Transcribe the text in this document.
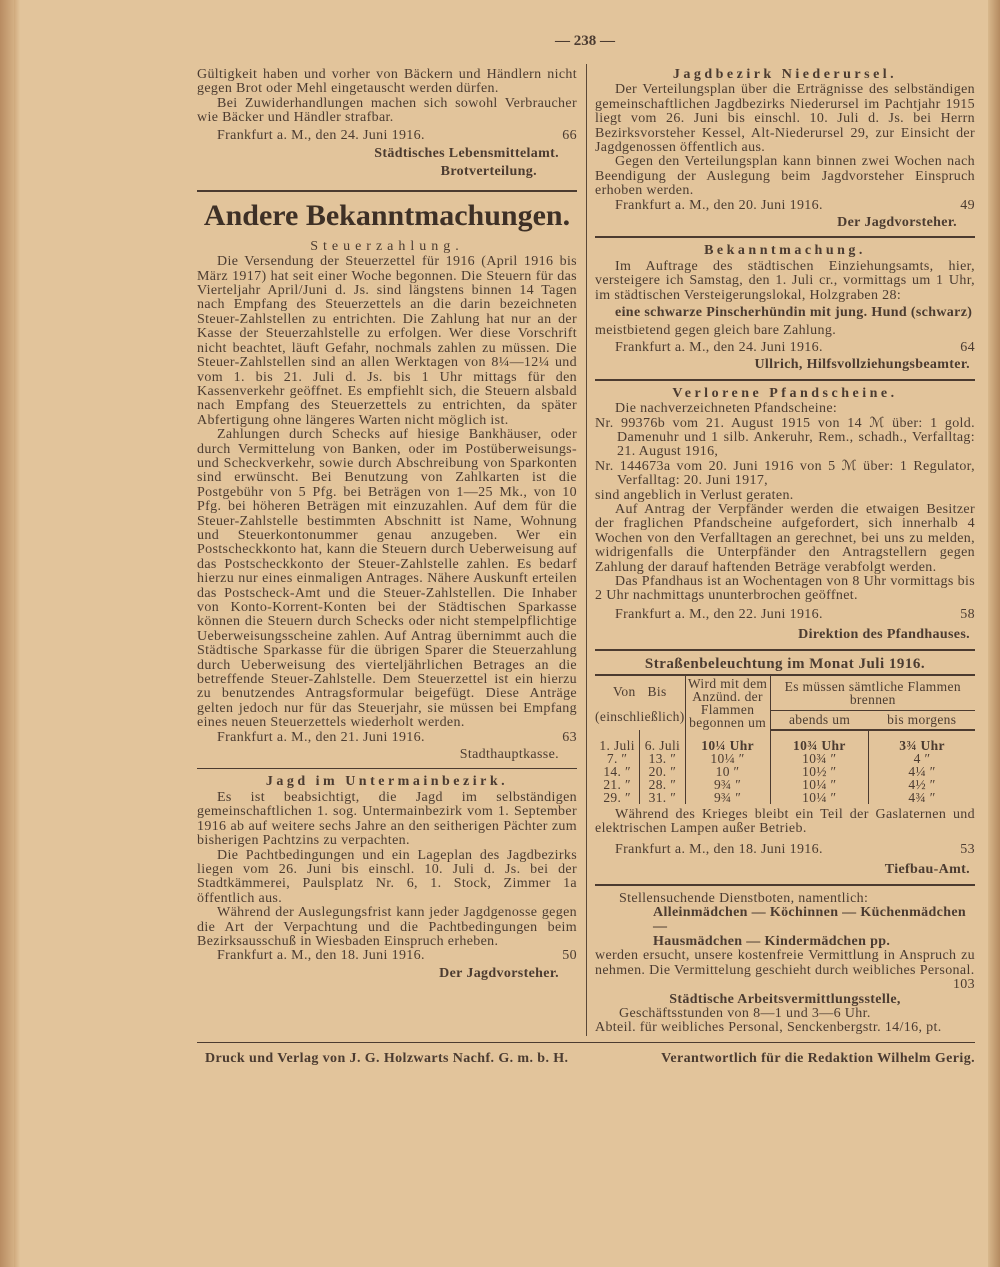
— 238 —

Gültigkeit haben und vorher von Bäckern und Händlern nicht gegen Brot oder Mehl eingetauscht werden dürfen.

Bei Zuwiderhandlungen machen sich sowohl Verbraucher wie Bäcker und Händler strafbar.

Frankfurt a. M., den 24. Juni 1916.	66
Städtisches Lebensmittelamt.
Brotverteilung.
Andere Bekanntmachungen.
Steuerzahlung.

Die Versendung der Steuerzettel für 1916 (April 1916 bis März 1917) hat seit einer Woche begonnen. Die Steuern für das Vierteljahr April/Juni d. Js. sind längstens binnen 14 Tagen nach Empfang des Steuerzettels an die darin bezeichneten Steuer-Zahlstellen zu entrichten. Die Zahlung hat nur an der Kasse der Steuerzahlstelle zu erfolgen. Wer diese Vorschrift nicht beachtet, läuft Gefahr, nochmals zahlen zu müssen. Die Steuer-Zahlstellen sind an allen Werktagen von 8¼—12¼ und vom 1. bis 21. Juli d. Js. bis 1 Uhr mittags für den Kassenverkehr geöffnet. Es empfiehlt sich, die Steuern alsbald nach Empfang des Steuerzettels zu entrichten, da später Abfertigung ohne längeres Warten nicht möglich ist.

Zahlungen durch Schecks auf hiesige Bankhäuser, oder durch Vermittelung von Banken, oder im Postüberweisungs- und Scheckverkehr, sowie durch Abschreibung von Sparkonten sind erwünscht. Bei Benutzung von Zahlkarten ist die Postgebühr von 5 Pfg. bei Beträgen von 1—25 Mk., von 10 Pfg. bei höheren Beträgen mit einzuzahlen. Auf dem für die Steuer-Zahlstelle bestimmten Abschnitt ist Name, Wohnung und Steuerkontonummer genau anzugeben. Wer ein Postscheckkonto hat, kann die Steuern durch Ueberweisung auf das Postscheckkonto der Steuer-Zahlstelle zahlen. Es bedarf hierzu nur eines einmaligen Antrages. Nähere Auskunft erteilen das Postscheck-Amt und die Steuer-Zahlstellen. Die Inhaber von Konto-Korrent-Konten bei der Städtischen Sparkasse können die Steuern durch Schecks oder nicht stempelpflichtige Ueberweisungsscheine zahlen. Auf Antrag übernimmt auch die Städtische Sparkasse für die übrigen Sparer die Steuerzahlung durch Ueberweisung des vierteljährlichen Betrages an die betreffende Steuer-Zahlstelle. Dem Steuerzettel ist ein hierzu zu benutzendes Antragsformular beigefügt. Diese Anträge gelten jedoch nur für das Steuerjahr, sie müssen bei Empfang eines neuen Steuerzettels wiederholt werden.

Frankfurt a. M., den 21. Juni 1916.	63
Stadthauptkasse.
Jagd im Untermainbezirk.

Es ist beabsichtigt, die Jagd im selbständigen gemeinschaftlichen 1. sog. Untermainbezirk vom 1. September 1916 ab auf weitere sechs Jahre an den seitherigen Pächter zum bisherigen Pachtzins zu verpachten.

Die Pachtbedingungen und ein Lageplan des Jagdbezirks liegen vom 26. Juni bis einschl. 10. Juli d. Js. bei der Stadtkämmerei, Paulsplatz Nr. 6, 1. Stock, Zimmer 1a öffentlich aus.

Während der Auslegungsfrist kann jeder Jagdgenosse gegen die Art der Verpachtung und die Pachtbedingungen beim Bezirksausschuß in Wiesbaden Einspruch erheben.

Frankfurt a. M., den 18. Juni 1916.	50
Der Jagdvorsteher.
Jagdbezirk Niederursel.

Der Verteilungsplan über die Erträgnisse des selbständigen gemeinschaftlichen Jagdbezirks Niederursel im Pachtjahr 1915 liegt vom 26. Juni bis einschl. 10. Juli d. Js. bei Herrn Bezirksvorsteher Kessel, Alt-Niederursel 29, zur Einsicht der Jagdgenossen öffentlich aus.

Gegen den Verteilungsplan kann binnen zwei Wochen nach Beendigung der Auslegung beim Jagdvorsteher Einspruch erhoben werden.

Frankfurt a. M., den 20. Juni 1916.	49
Der Jagdvorsteher.
Bekanntmachung.

Im Auftrage des städtischen Einziehungsamts, hier, versteigere ich Samstag, den 1. Juli cr., vormittags um 1 Uhr, im städtischen Versteigerungslokal, Holzgraben 28:

eine schwarze Pinscherhündin mit jung. Hund (schwarz)

meistbietend gegen gleich bare Zahlung.

Frankfurt a. M., den 24. Juni 1916.	64
Ullrich, Hilfsvollziehungsbeamter.
Verlorene Pfandscheine.

Die nachverzeichneten Pfandscheine:

Nr. 99376b vom 21. August 1915 von 14 ℳ über: 1 gold. Damenuhr und 1 silb. Ankeruhr, Rem., schadh., Verfalltag: 21. August 1916,

Nr. 144673a vom 20. Juni 1916 von 5 ℳ über: 1 Regulator, Verfalltag: 20. Juni 1917,

sind angeblich in Verlust geraten.

Auf Antrag der Verpfänder werden die etwaigen Besitzer der fraglichen Pfandscheine aufgefordert, sich innerhalb 4 Wochen von den Verfalltagen an gerechnet, bei uns zu melden, widrigenfalls die Unterpfänder den Antragstellern gegen Zahlung der darauf haftenden Beträge verabfolgt werden.

Das Pfandhaus ist an Wochentagen von 8 Uhr vormittags bis 2 Uhr nachmittags ununterbrochen geöffnet.

Frankfurt a. M., den 22. Juni 1916.	58
Direktion des Pfandhauses.
Straßenbeleuchtung im Monat Juli 1916.
Von Bis
(einschließlich)		Wird mit dem Anzünd. der Flammen begonnen um	Es müssen sämtliche Flammen brennen	
			abends um	bis morgens
1. Juli	6. Juli	10¼ Uhr	10¾ Uhr	3¾ Uhr
7. ″	13. ″	10¼ ″	10¾ ″	4 ″
14. ″	20. ″	10 ″	10½ ″	4¼ ″
21. ″	28. ″	9¾ ″	10¼ ″	4½ ″
29. ″	31. ″	9¾ ″	10¼ ″	4¾ ″

Während des Krieges bleibt ein Teil der Gaslaternen und elektrischen Lampen außer Betrieb.

Frankfurt a. M., den 18. Juni 1916.	53
Tiefbau-Amt.
Stellensuchende Dienstboten, namentlich:
Alleinmädchen — Köchinnen — Küchenmädchen —
Hausmädchen — Kindermädchen pp.

werden ersucht, unsere kostenfreie Vermittlung in Anspruch zu nehmen. Die Vermittelung geschieht durch weibliches Personal.

103
Städtische Arbeitsvermittlungsstelle,
Geschäftsstunden von 8—1 und 3—6 Uhr.
Abteil. für weibliches Personal, Senckenbergstr. 14/16, pt.
Druck und Verlag von J. G. Holzwarts Nachf. G. m. b. H.	Verantwortlich für die Redaktion Wilhelm Gerig.
